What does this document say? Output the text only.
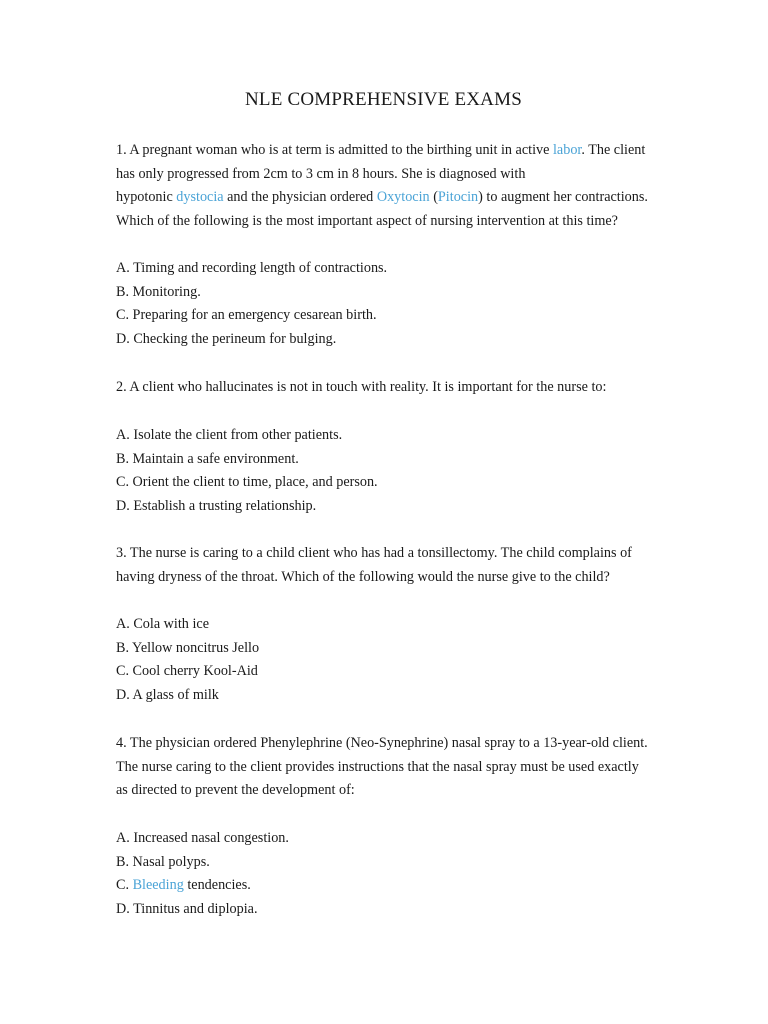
NLE COMPREHENSIVE EXAMS
1. A pregnant woman who is at term is admitted to the birthing unit in active labor. The client
has only progressed from 2cm to 3 cm in 8 hours. She is diagnosed with
hypotonic dystocia and the physician ordered Oxytocin (Pitocin) to augment her contractions.
Which of the following is the most important aspect of nursing intervention at this time?
A. Timing and recording length of contractions.
B. Monitoring.
C. Preparing for an emergency cesarean birth.
D. Checking the perineum for bulging.
2. A client who hallucinates is not in touch with reality. It is important for the nurse to:
A. Isolate the client from other patients.
B. Maintain a safe environment.
C. Orient the client to time, place, and person.
D. Establish a trusting relationship.
3. The nurse is caring to a child client who has had a tonsillectomy. The child complains of
having dryness of the throat. Which of the following would the nurse give to the child?
A. Cola with ice
B. Yellow noncitrus Jello
C. Cool cherry Kool-Aid
D. A glass of milk
4. The physician ordered Phenylephrine (Neo-Synephrine) nasal spray to a 13-year-old client.
The nurse caring to the client provides instructions that the nasal spray must be used exactly
as directed to prevent the development of:
A. Increased nasal congestion.
B. Nasal polyps.
C. Bleeding tendencies.
D. Tinnitus and diplopia.
